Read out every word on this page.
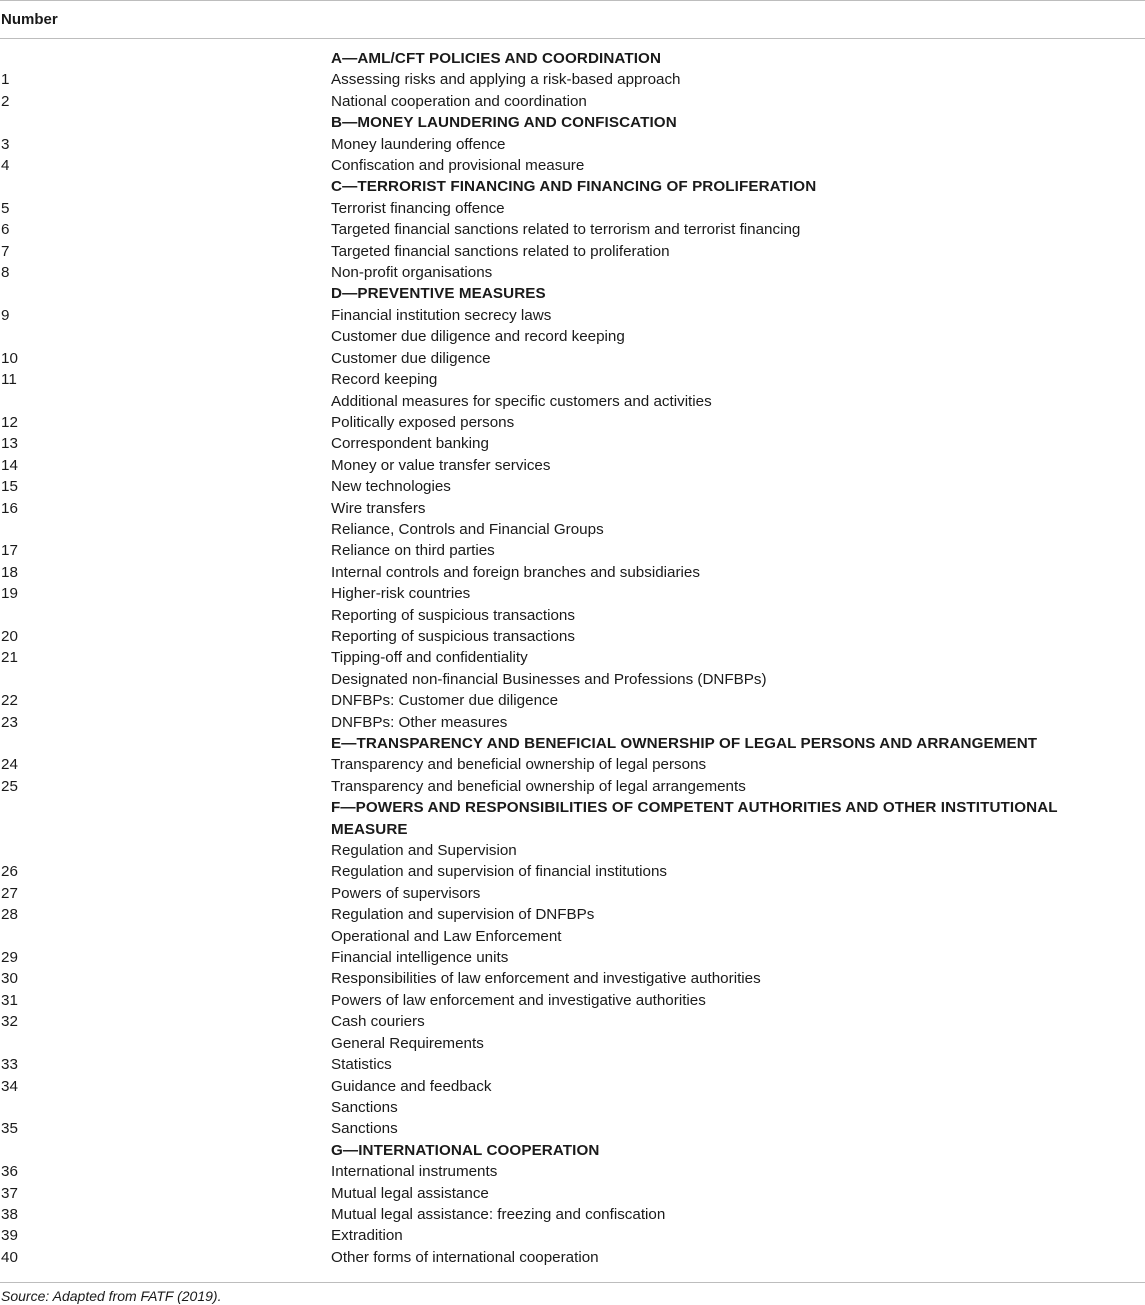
Number
A—AML/CFT POLICIES AND COORDINATION
1	Assessing risks and applying a risk-based approach
2	National cooperation and coordination
B—MONEY LAUNDERING AND CONFISCATION
3	Money laundering offence
4	Confiscation and provisional measure
C—TERRORIST FINANCING AND FINANCING OF PROLIFERATION
5	Terrorist financing offence
6	Targeted financial sanctions related to terrorism and terrorist financing
7	Targeted financial sanctions related to proliferation
8	Non-profit organisations
D—PREVENTIVE MEASURES
9	Financial institution secrecy laws
Customer due diligence and record keeping
10	Customer due diligence
11	Record keeping
Additional measures for specific customers and activities
12	Politically exposed persons
13	Correspondent banking
14	Money or value transfer services
15	New technologies
16	Wire transfers
Reliance, Controls and Financial Groups
17	Reliance on third parties
18	Internal controls and foreign branches and subsidiaries
19	Higher-risk countries
Reporting of suspicious transactions
20	Reporting of suspicious transactions
21	Tipping-off and confidentiality
Designated non-financial Businesses and Professions (DNFBPs)
22	DNFBPs: Customer due diligence
23	DNFBPs: Other measures
E—TRANSPARENCY AND BENEFICIAL OWNERSHIP OF LEGAL PERSONS AND ARRANGEMENT
24	Transparency and beneficial ownership of legal persons
25	Transparency and beneficial ownership of legal arrangements
F—POWERS AND RESPONSIBILITIES OF COMPETENT AUTHORITIES AND OTHER INSTITUTIONAL MEASURE
Regulation and Supervision
26	Regulation and supervision of financial institutions
27	Powers of supervisors
28	Regulation and supervision of DNFBPs
Operational and Law Enforcement
29	Financial intelligence units
30	Responsibilities of law enforcement and investigative authorities
31	Powers of law enforcement and investigative authorities
32	Cash couriers
General Requirements
33	Statistics
34	Guidance and feedback
Sanctions
35	Sanctions
G—INTERNATIONAL COOPERATION
36	International instruments
37	Mutual legal assistance
38	Mutual legal assistance: freezing and confiscation
39	Extradition
40	Other forms of international cooperation
Source: Adapted from FATF (2019).
